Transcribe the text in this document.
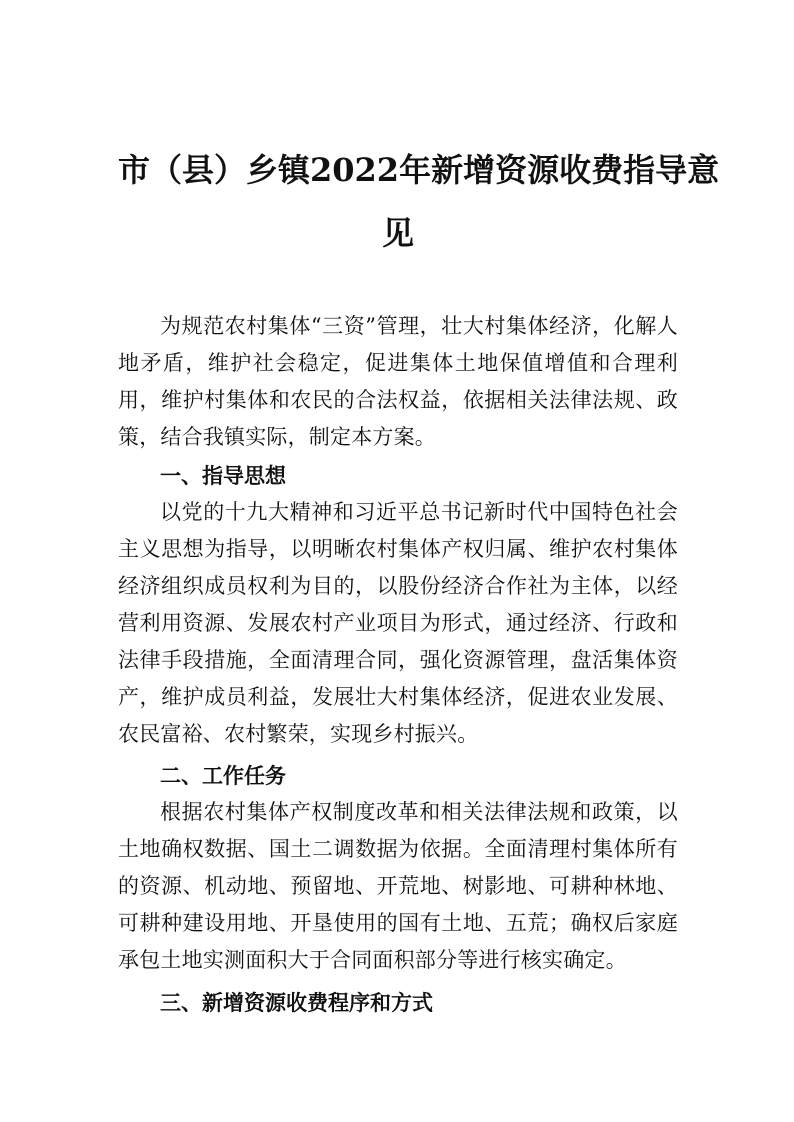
市（县）乡镇2022年新增资源收费指导意
见
为规范农村集体“三资”管理，壮大村集体经济，化解人地矛盾，维护社会稳定，促进集体土地保值增值和合理利用，维护村集体和农民的合法权益，依据相关法律法规、政策，结合我镇实际，制定本方案。
一、指导思想
以党的十九大精神和习近平总书记新时代中国特色社会主义思想为指导，以明晰农村集体产权归属、维护农村集体经济组织成员权利为目的，以股份经济合作社为主体，以经营利用资源、发展农村产业项目为形式，通过经济、行政和法律手段措施，全面清理合同，强化资源管理，盘活集体资产，维护成员利益，发展壮大村集体经济，促进农业发展、农民富裕、农村繁荣，实现乡村振兴。
二、工作任务
根据农村集体产权制度改革和相关法律法规和政策，以土地确权数据、国土二调数据为依据。全面清理村集体所有的资源、机动地、预留地、开荒地、树影地、可耕种林地、 可耕种建设用地、开垦使用的国有土地、五荒；确权后家庭承包土地实测面积大于合同面积部分等进行核实确定。
三、新增资源收费程序和方式
